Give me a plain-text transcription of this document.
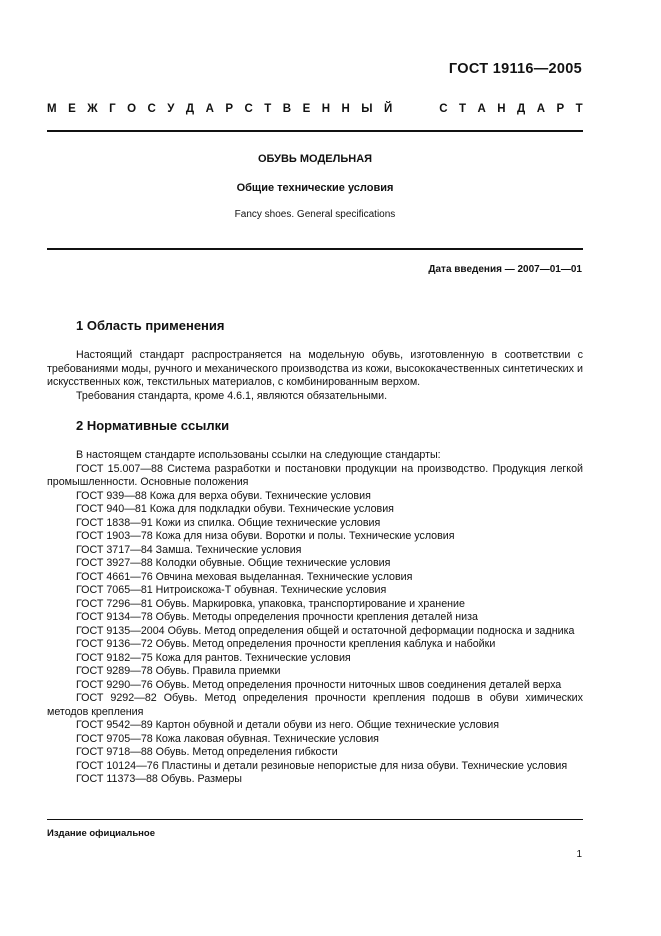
ГОСТ 19116—2005
М Е Ж Г О С У Д А Р С Т В Е Н Н Ы Й	С Т А Н Д А Р Т
ОБУВЬ МОДЕЛЬНАЯ
Общие технические условия
Fancy shoes. General specifications
Дата введения — 2007—01—01
1 Область применения

Настоящий стандарт распространяется на модельную обувь, изготовленную в соответствии с требованиями моды, ручного и механического производства из кожи, высококачественных синтетических и искусственных кож, текстильных материалов, с комбинированным верхом.

Требования стандарта, кроме 4.6.1, являются обязательными.

2 Нормативные ссылки

В настоящем стандарте использованы ссылки на следующие стандарты:

ГОСТ 15.007—88 Система разработки и постановки продукции на производство. Продукция легкой промышленности. Основные положения

ГОСТ 939—88 Кожа для верха обуви. Технические условия

ГОСТ 940—81 Кожа для подкладки обуви. Технические условия

ГОСТ 1838—91 Кожи из спилка. Общие технические условия

ГОСТ 1903—78 Кожа для низа обуви. Воротки и полы. Технические условия

ГОСТ 3717—84 Замша. Технические условия

ГОСТ 3927—88 Колодки обувные. Общие технические условия

ГОСТ 4661—76 Овчина меховая выделанная. Технические условия

ГОСТ 7065—81 Нитроискожа-Т обувная. Технические условия

ГОСТ 7296—81 Обувь. Маркировка, упаковка, транспортирование и хранение

ГОСТ 9134—78 Обувь. Методы определения прочности крепления деталей низа

ГОСТ 9135—2004 Обувь. Метод определения общей и остаточной деформации подноска и задника

ГОСТ 9136—72 Обувь. Метод определения прочности крепления каблука и набойки

ГОСТ 9182—75 Кожа для рантов. Технические условия

ГОСТ 9289—78 Обувь. Правила приемки

ГОСТ 9290—76 Обувь. Метод определения прочности ниточных швов соединения деталей верха

ГОСТ 9292—82 Обувь. Метод определения прочности крепления подошв в обуви химических методов крепления

ГОСТ 9542—89 Картон обувной и детали обуви из него. Общие технические условия

ГОСТ 9705—78 Кожа лаковая обувная. Технические условия

ГОСТ 9718—88 Обувь. Метод определения гибкости

ГОСТ 10124—76 Пластины и детали резиновые непористые для низа обуви. Технические условия

ГОСТ 11373—88 Обувь. Размеры

Издание официальное
1
